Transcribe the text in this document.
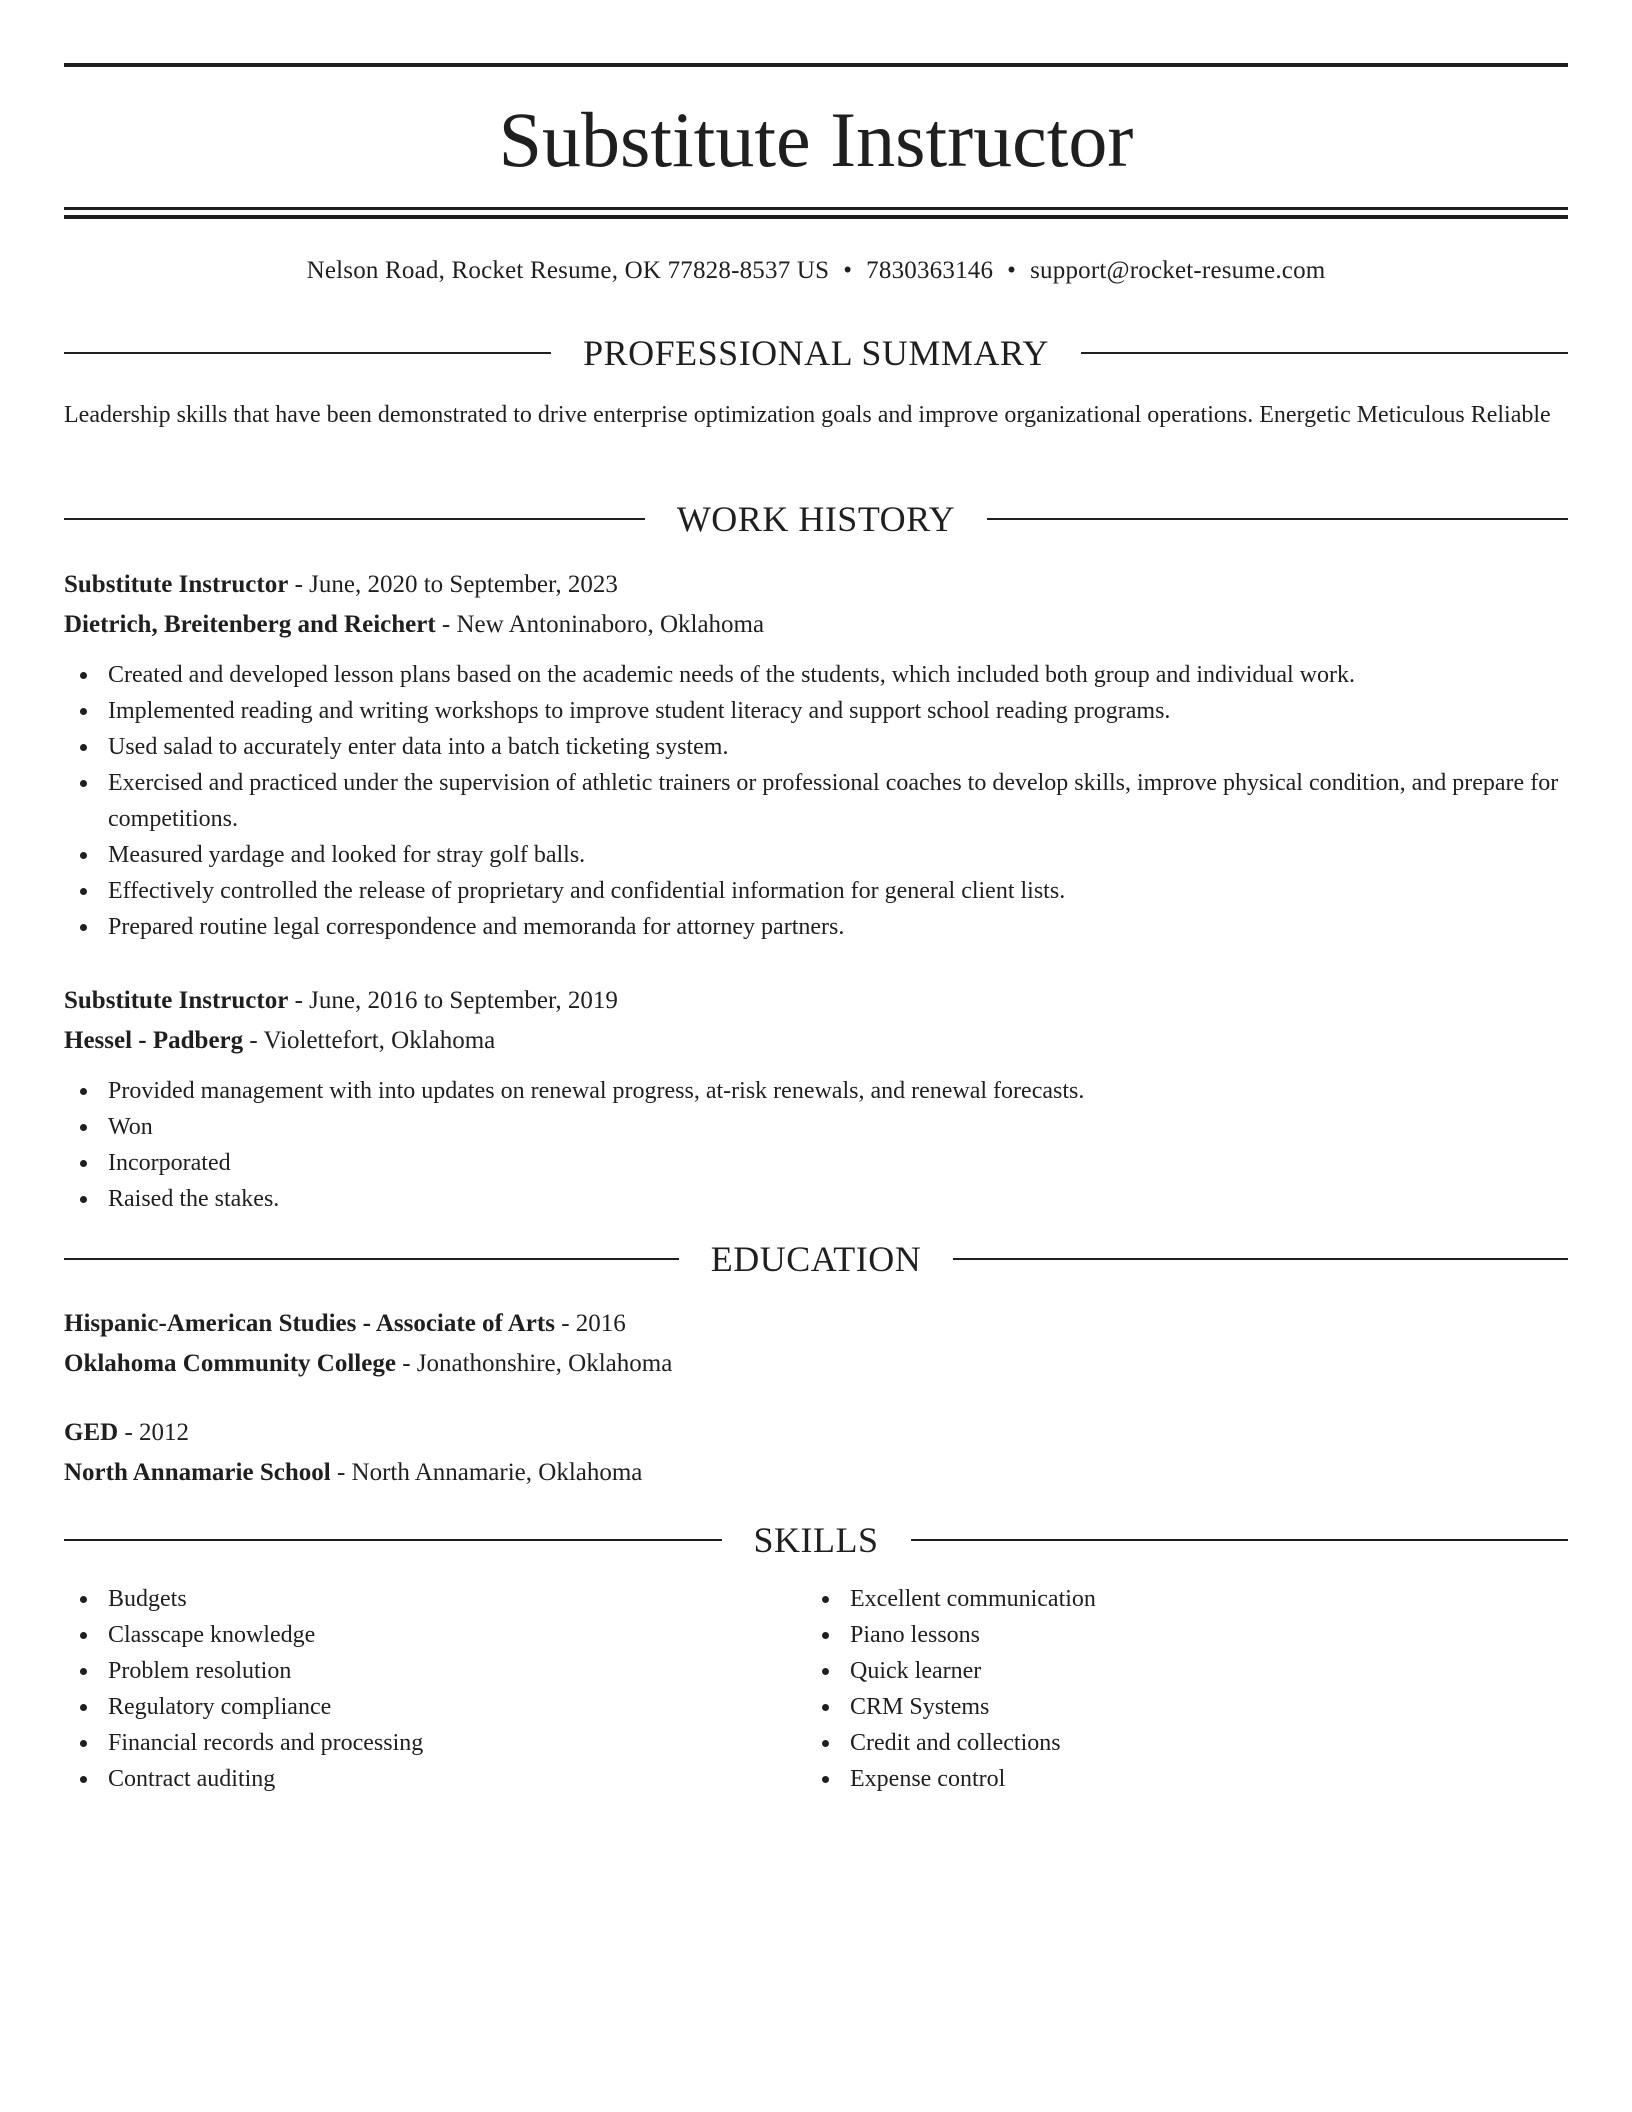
Substitute Instructor
Nelson Road, Rocket Resume, OK 77828-8537 US • 7830363146 • support@rocket-resume.com
PROFESSIONAL SUMMARY
Leadership skills that have been demonstrated to drive enterprise optimization goals and improve organizational operations. Energetic Meticulous Reliable
WORK HISTORY
Substitute Instructor - June, 2020 to September, 2023
Dietrich, Breitenberg and Reichert - New Antoninaboro, Oklahoma
Created and developed lesson plans based on the academic needs of the students, which included both group and individual work.
Implemented reading and writing workshops to improve student literacy and support school reading programs.
Used salad to accurately enter data into a batch ticketing system.
Exercised and practiced under the supervision of athletic trainers or professional coaches to develop skills, improve physical condition, and prepare for competitions.
Measured yardage and looked for stray golf balls.
Effectively controlled the release of proprietary and confidential information for general client lists.
Prepared routine legal correspondence and memoranda for attorney partners.
Substitute Instructor - June, 2016 to September, 2019
Hessel - Padberg - Violettefort, Oklahoma
Provided management with into updates on renewal progress, at-risk renewals, and renewal forecasts.
Won
Incorporated
Raised the stakes.
EDUCATION
Hispanic-American Studies - Associate of Arts - 2016
Oklahoma Community College - Jonathonshire, Oklahoma
GED - 2012
North Annamarie School - North Annamarie, Oklahoma
SKILLS
Budgets
Classcape knowledge
Problem resolution
Regulatory compliance
Financial records and processing
Contract auditing
Excellent communication
Piano lessons
Quick learner
CRM Systems
Credit and collections
Expense control
